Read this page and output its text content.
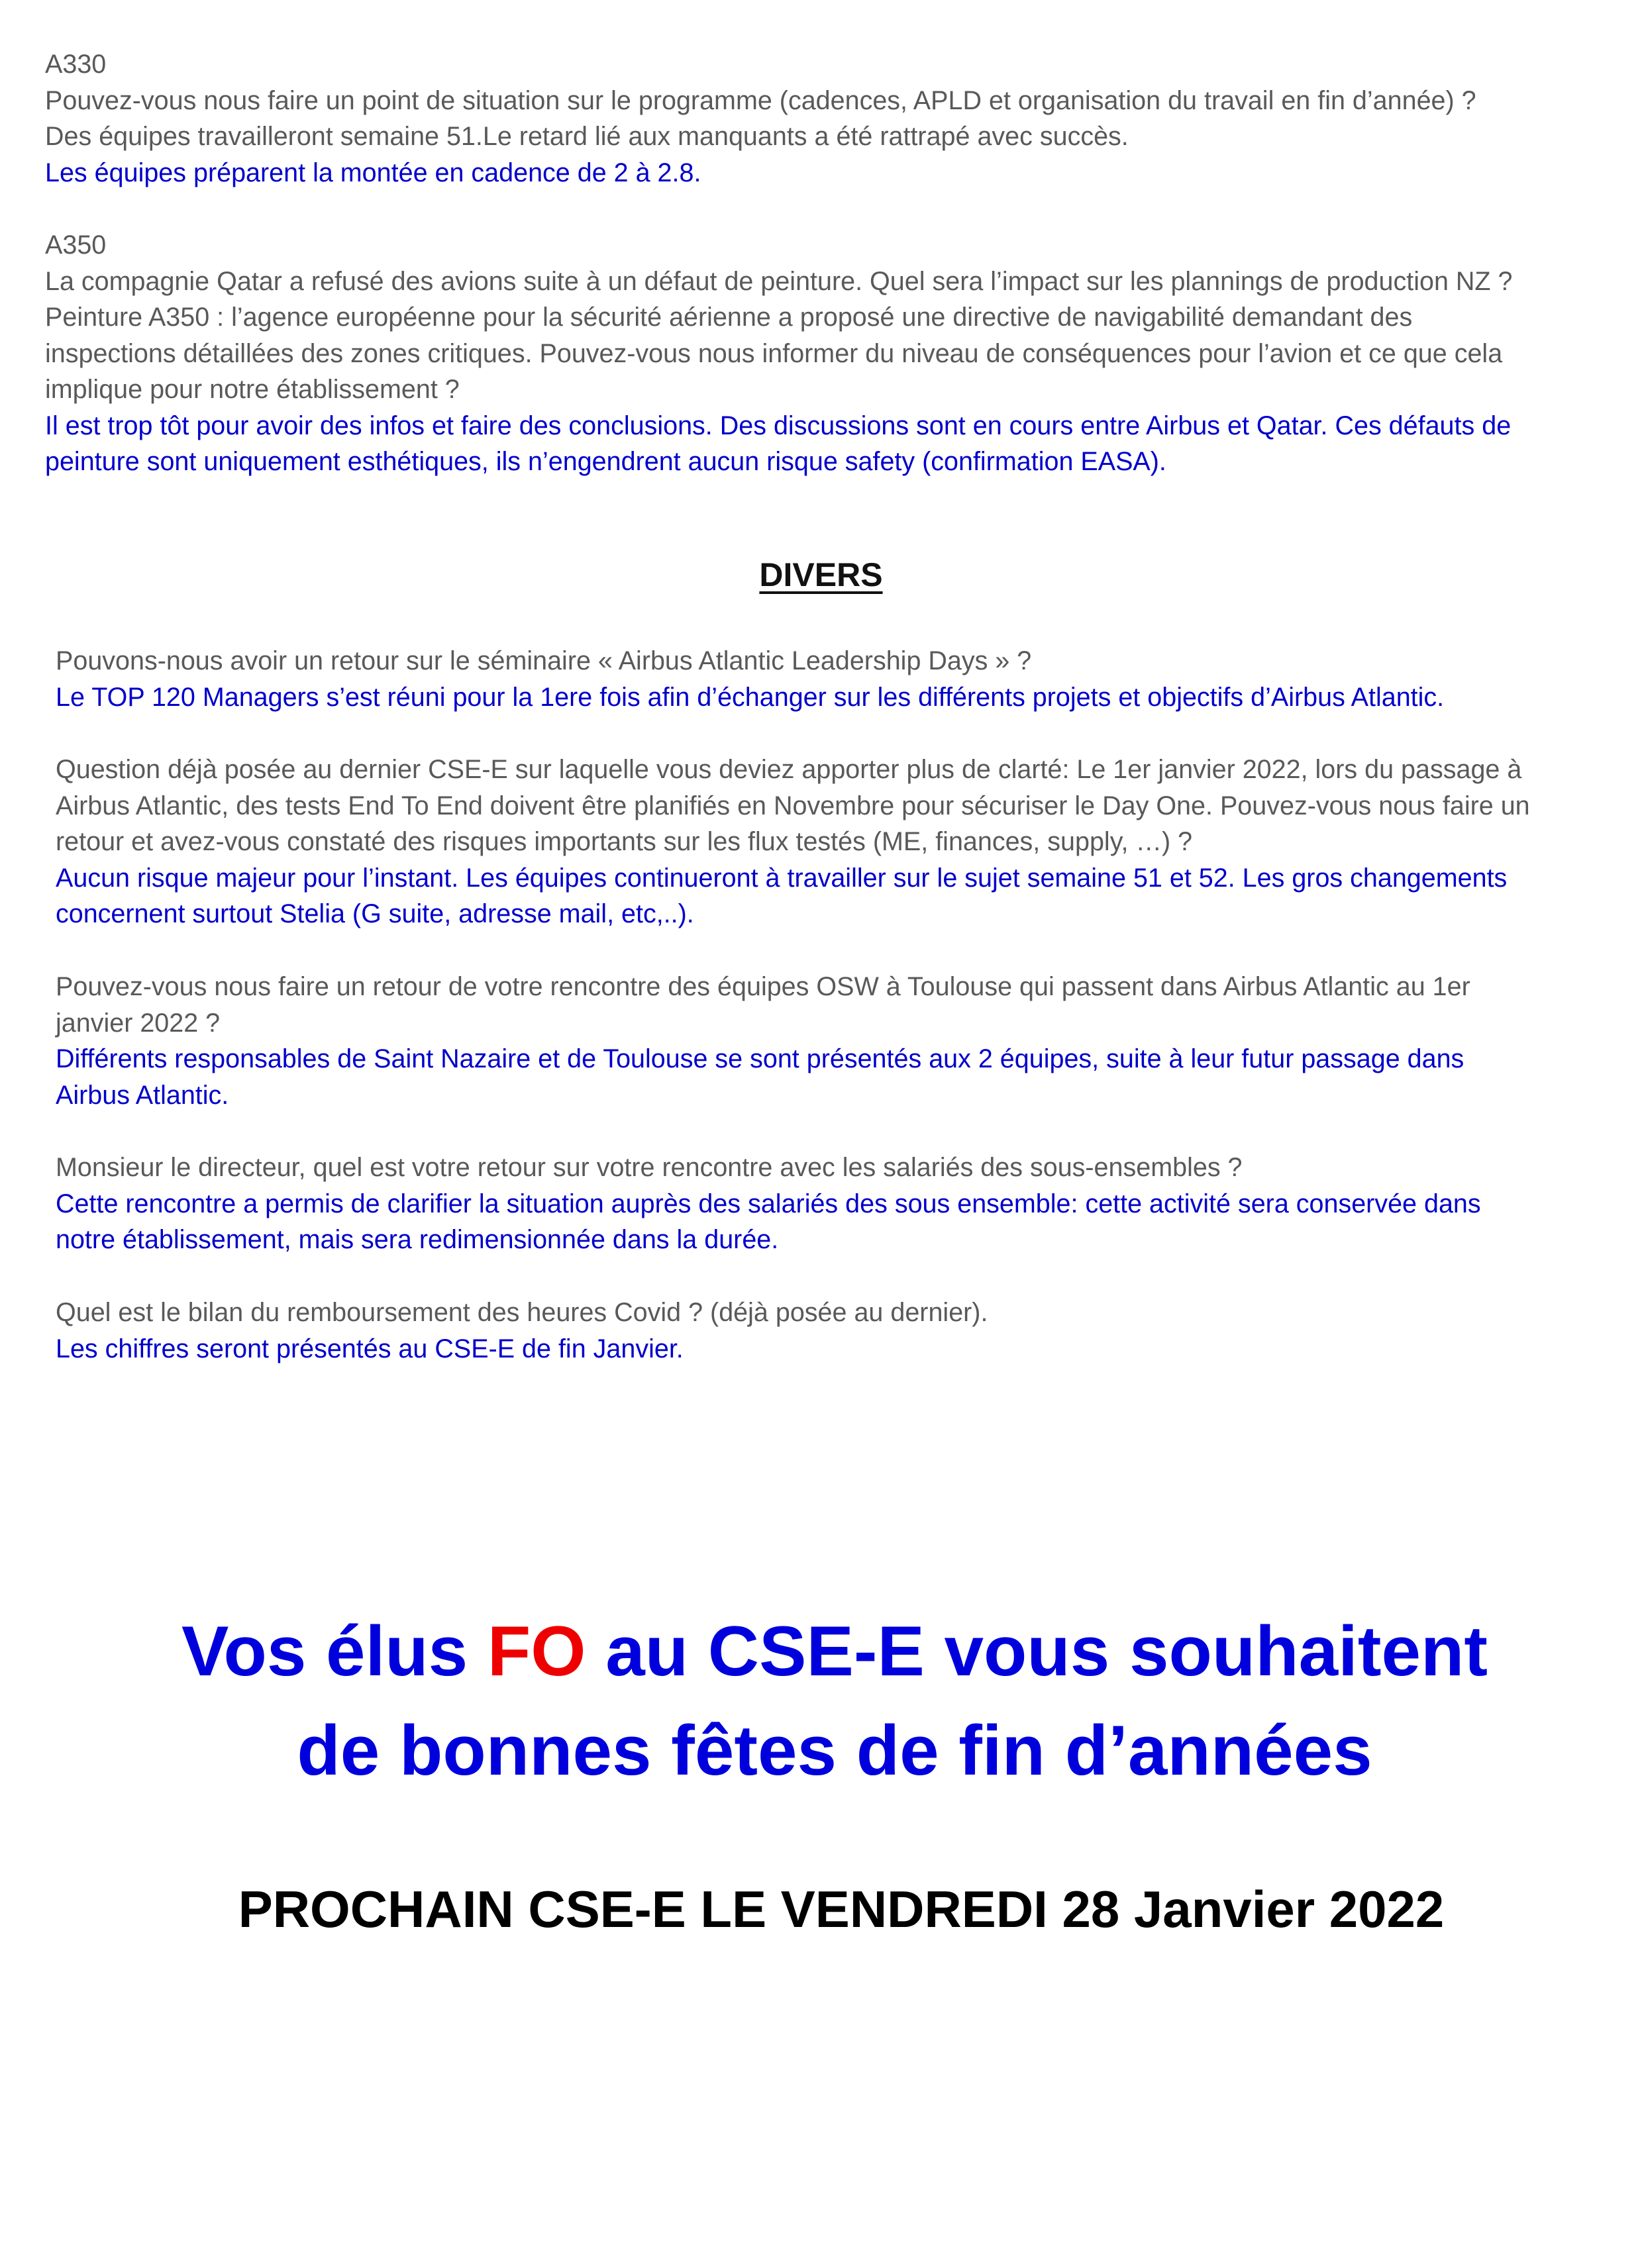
A330

Pouvez-vous nous faire un point de situation sur le programme (cadences, APLD et organisation du travail en fin d’année) ?

Des équipes travailleront semaine 51.Le retard lié aux manquants a été rattrapé avec succès.

Les équipes préparent la montée en cadence de 2 à 2.8.

A350

La compagnie Qatar a refusé des avions suite à un défaut de peinture. Quel sera l’impact sur les plannings de production NZ ?

Peinture A350 : l’agence européenne pour la sécurité aérienne a proposé une directive de navigabilité demandant des

inspections détaillées des zones critiques. Pouvez-vous nous informer du niveau de conséquences pour l’avion et ce que cela

implique pour notre établissement ?

Il est trop tôt pour avoir des infos et faire des conclusions. Des discussions sont en cours entre Airbus et Qatar. Ces défauts de

peinture sont uniquement esthétiques, ils n’engendrent aucun risque safety (confirmation EASA).

DIVERS

Pouvons-nous avoir un retour sur le séminaire « Airbus Atlantic Leadership Days » ?

Le TOP 120 Managers s’est réuni pour la 1ere fois afin d’échanger sur les différents projets et objectifs d’Airbus Atlantic.

Question déjà posée au dernier CSE-E sur laquelle vous deviez apporter plus de clarté: Le 1er janvier 2022, lors du passage à

Airbus Atlantic, des tests End To End doivent être planifiés en Novembre pour sécuriser le Day One. Pouvez-vous nous faire un

retour et avez-vous constaté des risques importants sur les flux testés (ME, finances, supply, …) ?

Aucun risque majeur pour l’instant. Les équipes continueront à travailler sur le sujet semaine 51 et 52. Les gros changements

concernent surtout Stelia (G suite, adresse mail, etc,..).

Pouvez-vous nous faire un retour de votre rencontre des équipes OSW à Toulouse qui passent dans Airbus Atlantic au 1er

janvier 2022 ?

Différents responsables de Saint Nazaire et de Toulouse se sont présentés aux 2 équipes, suite à leur futur passage dans

Airbus Atlantic.

Monsieur le directeur, quel est votre retour sur votre rencontre avec les salariés des sous-ensembles ?

Cette rencontre a permis de clarifier la situation auprès des salariés des sous ensemble: cette activité sera conservée dans

notre établissement, mais sera redimensionnée dans la durée.

Quel est le bilan du remboursement des heures Covid ? (déjà posée au dernier).

Les chiffres seront présentés au CSE-E de fin Janvier.

Vos élus FO au CSE-E vous souhaitent
de bonnes fêtes de fin d’années
PROCHAIN CSE-E LE VENDREDI 28 Janvier 2022
